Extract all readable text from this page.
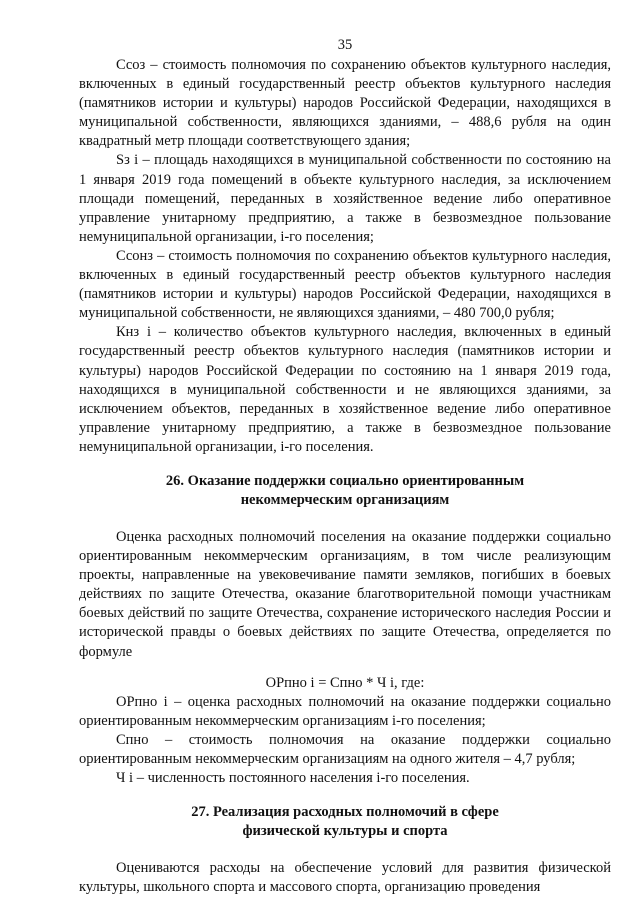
35

Ссоз – стоимость полномочия по сохранению объектов культурного наследия, включенных в единый государственный реестр объектов культурного наследия (памятников истории и культуры) народов Российской Федерации, находящихся в муниципальной собственности, являющихся зданиями, – 488,6 рубля на один квадратный метр площади соответствующего здания;

Sз i – площадь находящихся в муниципальной собственности по состоянию на 1 января 2019 года помещений в объекте культурного наследия, за исключением площади помещений, переданных в хозяйственное ведение либо оперативное управление унитарному предприятию, а также в безвозмездное пользование немуниципальной организации, i-го поселения;

Ссонз – стоимость полномочия по сохранению объектов культурного наследия, включенных в единый государственный реестр объектов культурного наследия (памятников истории и культуры) народов Российской Федерации, находящихся в муниципальной собственности, не являющихся зданиями, – 480 700,0 рубля;

Кнз i – количество объектов культурного наследия, включенных в единый государственный реестр объектов культурного наследия (памятников истории и культуры) народов Российской Федерации по состоянию на 1 января 2019 года, находящихся в муниципальной собственности и не являющихся зданиями, за исключением объектов, переданных в хозяйственное ведение либо оперативное управление унитарному предприятию, а также в безвозмездное пользование немуниципальной организации, i-го поселения.

26. Оказание поддержки социально ориентированным

некоммерческим организациям

Оценка расходных полномочий поселения на оказание поддержки социально ориентированным некоммерческим организациям, в том числе реализующим проекты, направленные на увековечивание памяти земляков, погибших в боевых действиях по защите Отечества, оказание благотворительной помощи участникам боевых действий по защите Отечества, сохранение исторического наследия России и исторической правды о боевых действиях по защите Отечества, определяется по формуле

ОРпно i = Спно * Ч i, где:

ОРпно i – оценка расходных полномочий на оказание поддержки социально ориентированным некоммерческим организациям i-го поселения;

Спно – стоимость полномочия на оказание поддержки социально ориентированным некоммерческим организациям на одного жителя – 4,7 рубля;

Ч i – численность постоянного населения i-го поселения.

27. Реализация расходных полномочий в сфере

физической культуры и спорта

Оцениваются расходы на обеспечение условий для развития физической культуры, школьного спорта и массового спорта, организацию проведения
